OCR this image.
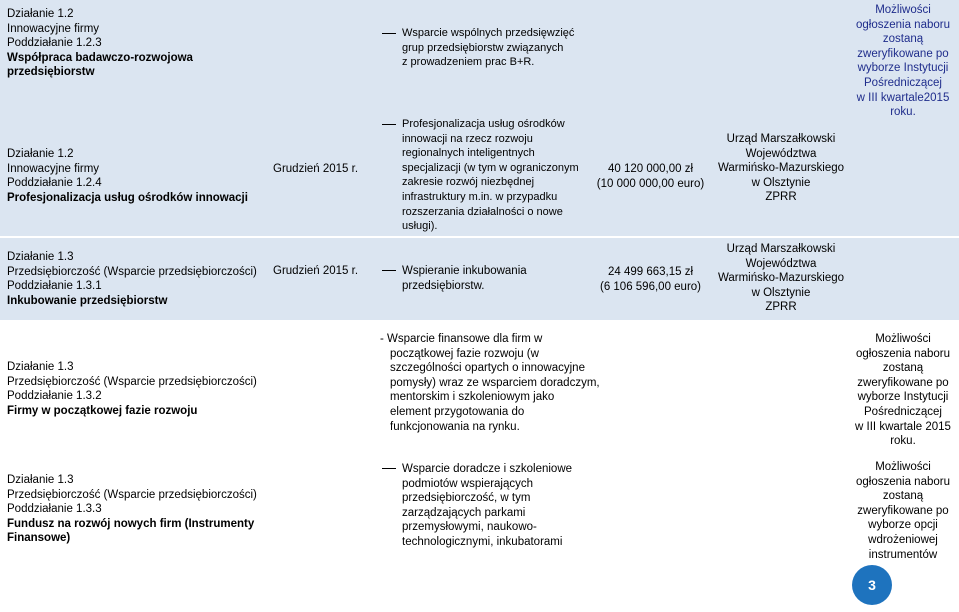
Działanie 1.2
Innowacyjne firmy
Poddziałanie 1.2.3
Współpraca badawczo-rozwojowa
przedsiębiorstw
Działanie 1.2
Innowacyjne firmy
Poddziałanie 1.2.4
Profesjonalizacja usług ośrodków innowacji
Grudzień 2015 r.
Wsparcie wspólnych przedsięwzięć
grup przedsiębiorstw związanych
z prowadzeniem prac B+R.
Profesjonalizacja usług ośrodków
innowacji na rzecz rozwoju
regionalnych inteligentnych
specjalizacji (w tym w ograniczonym
zakresie rozwój niezbędnej
infrastruktury m.in. w przypadku
rozszerzania działalności o nowe
usługi).
40 120 000,00 zł
(10 000 000,00 euro)
Urząd Marszałkowski
Województwa
Warmińsko-Mazurskiego
w Olsztynie
ZPRR
Możliwości
ogłoszenia naboru
zostaną
zweryfikowane po
wyborze Instytucji
Pośredniczącej
w III kwartale2015
roku.
Działanie 1.3
Przedsiębiorczość (Wsparcie przedsiębiorczości)
Poddziałanie 1.3.1
Inkubowanie przedsiębiorstw
Grudzień 2015 r.	Wspieranie inkubowania
przedsiębiorstw.
24 499 663,15 zł
(6 106 596,00 euro)
Urząd Marszałkowski
Województwa
Warmińsko-Mazurskiego
w Olsztynie
ZPRR
Działanie 1.3
Przedsiębiorczość (Wsparcie przedsiębiorczości)
Poddziałanie 1.3.2
Firmy w początkowej fazie rozwoju
- Wsparcie finansowe dla firm w
początkowej fazie rozwoju (w
szczególności opartych o innowacyjne
pomysły) wraz ze wsparciem doradczym,
mentorskim i szkoleniowym jako
element przygotowania do
funkcjonowania na rynku.
Możliwości
ogłoszenia naboru
zostaną
zweryfikowane po
wyborze Instytucji
Pośredniczącej
w III kwartale 2015
roku.
Działanie 1.3
Przedsiębiorczość (Wsparcie przedsiębiorczości)
Poddziałanie 1.3.3
Fundusz na rozwój nowych firm (Instrumenty
Finansowe)
Wsparcie doradcze i szkoleniowe
podmiotów wspierających
przedsiębiorczość, w tym
zarządzających parkami
przemysłowymi, naukowo-
technologicznymi, inkubatorami
Możliwości
ogłoszenia naboru
zostaną
zweryfikowane po
wyborze opcji
wdrożeniowej
instrumentów
3
